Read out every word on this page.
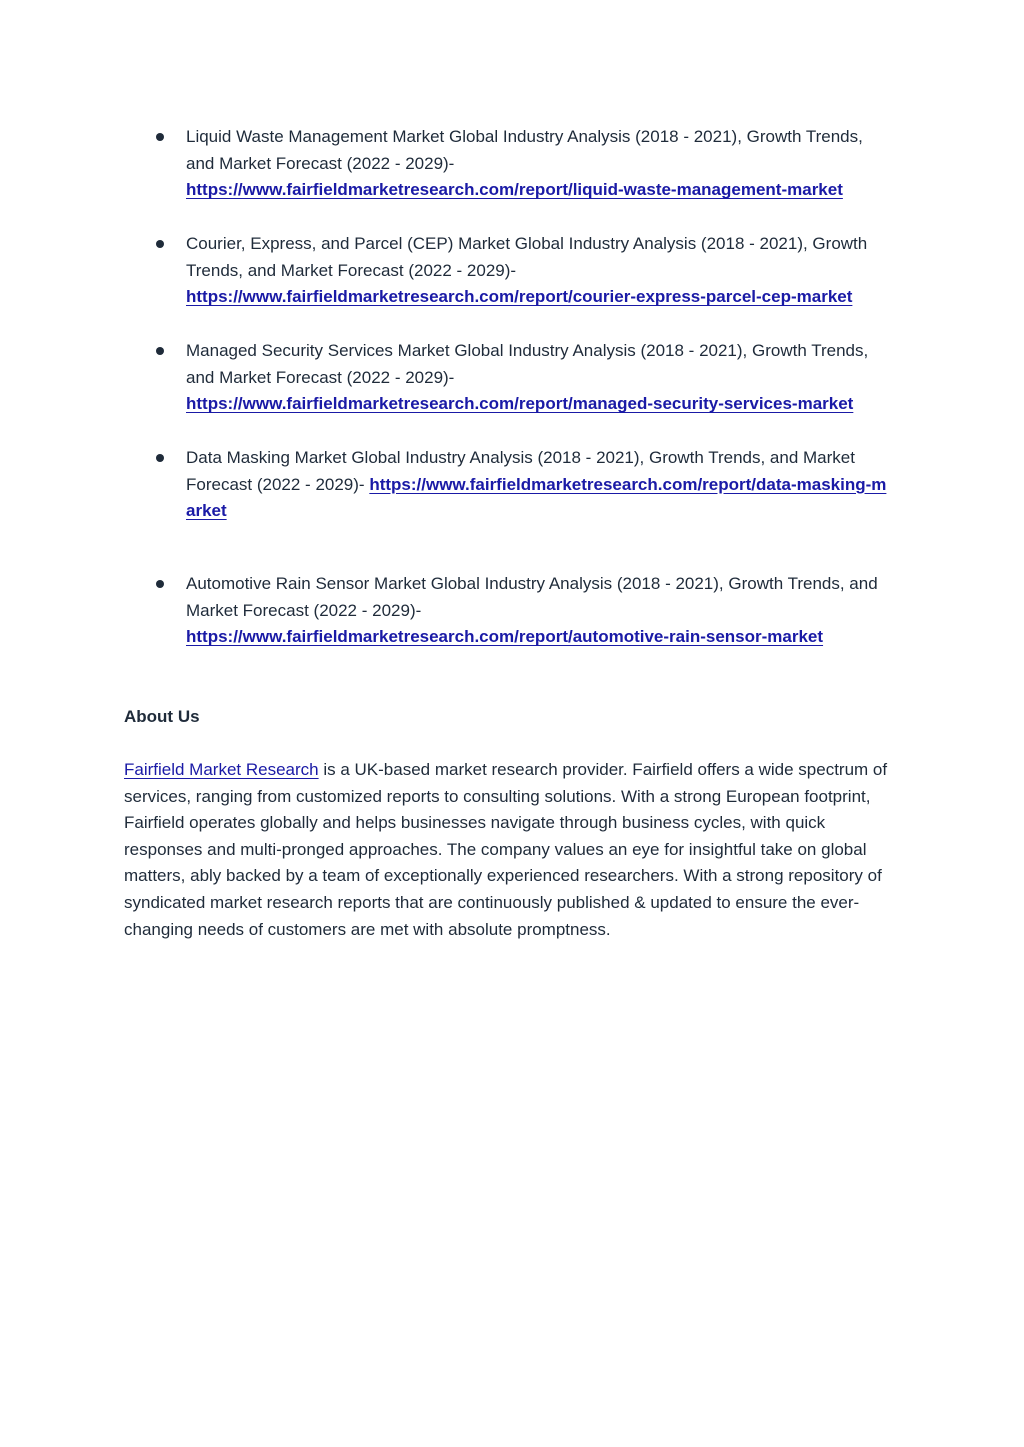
Liquid Waste Management Market Global Industry Analysis (2018 - 2021), Growth Trends, and Market Forecast (2022 - 2029)-
https://www.fairfieldmarketresearch.com/report/liquid-waste-management-market
Courier, Express, and Parcel (CEP) Market Global Industry Analysis (2018 - 2021), Growth Trends, and Market Forecast (2022 - 2029)-
https://www.fairfieldmarketresearch.com/report/courier-express-parcel-cep-market
Managed Security Services Market Global Industry Analysis (2018 - 2021), Growth Trends, and Market Forecast (2022 - 2029)-
https://www.fairfieldmarketresearch.com/report/managed-security-services-market
Data Masking Market Global Industry Analysis (2018 - 2021), Growth Trends, and Market Forecast (2022 - 2029)- https://www.fairfieldmarketresearch.com/report/data-masking-market
Automotive Rain Sensor Market Global Industry Analysis (2018 - 2021), Growth Trends, and Market Forecast (2022 - 2029)-
https://www.fairfieldmarketresearch.com/report/automotive-rain-sensor-market
About Us

Fairfield Market Research is a UK-based market research provider. Fairfield offers a wide spectrum of services, ranging from customized reports to consulting solutions. With a strong European footprint, Fairfield operates globally and helps businesses navigate through business cycles, with quick responses and multi-pronged approaches. The company values an eye for insightful take on global matters, ably backed by a team of exceptionally experienced researchers. With a strong repository of syndicated market research reports that are continuously published & updated to ensure the ever-changing needs of customers are met with absolute promptness.
